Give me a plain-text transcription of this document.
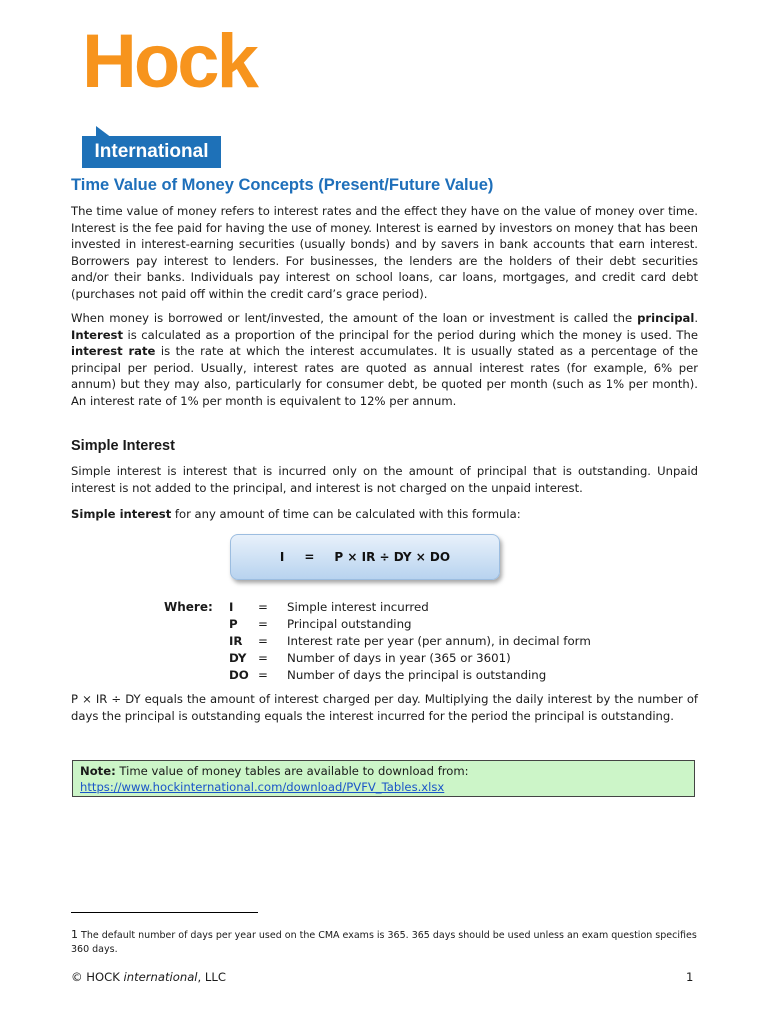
Hock
International
Time Value of Money Concepts (Present/Future Value)

The time value of money refers to interest rates and the effect they have on the value of money over time. Interest is the fee paid for having the use of money. Interest is earned by investors on money that has been invested in interest-earning securities (usually bonds) and by savers in bank accounts that earn interest. Borrowers pay interest to lenders. For businesses, the lenders are the holders of their debt securities and/or their banks. Individuals pay interest on school loans, car loans, mortgages, and credit card debt (purchases not paid off within the credit card’s grace period).

When money is borrowed or lent/invested, the amount of the loan or investment is called the principal. Interest is calculated as a proportion of the principal for the period during which the money is used. The interest rate is the rate at which the interest accumulates. It is usually stated as a percentage of the principal per period. Usually, interest rates are quoted as annual interest rates (for example, 6% per annum) but they may also, particularly for consumer debt, be quoted per month (such as 1% per month). An interest rate of 1% per month is equivalent to 12% per annum.

Simple Interest

Simple interest is interest that is incurred only on the amount of principal that is outstanding. Unpaid interest is not added to the principal, and interest is not charged on the unpaid interest.

Simple interest for any amount of time can be calculated with this formula:

I = P × IR ÷ DY × DO
Where: I = Simple interest incurred
P = Principal outstanding
IR = Interest rate per year (per annum), in decimal form
DY = Number of days in year (365 or 3601)
DO = Number of days the principal is outstanding

P × IR ÷ DY equals the amount of interest charged per day. Multiplying the daily interest by the number of days the principal is outstanding equals the interest incurred for the period the principal is outstanding.

Note: Time value of money tables are available to download from:
https://www.hockinternational.com/download/PVFV_Tables.xlsx
1 The default number of days per year used on the CMA exams is 365. 365 days should be used unless an exam question specifies 360 days.
© HOCK international, LLC	1
